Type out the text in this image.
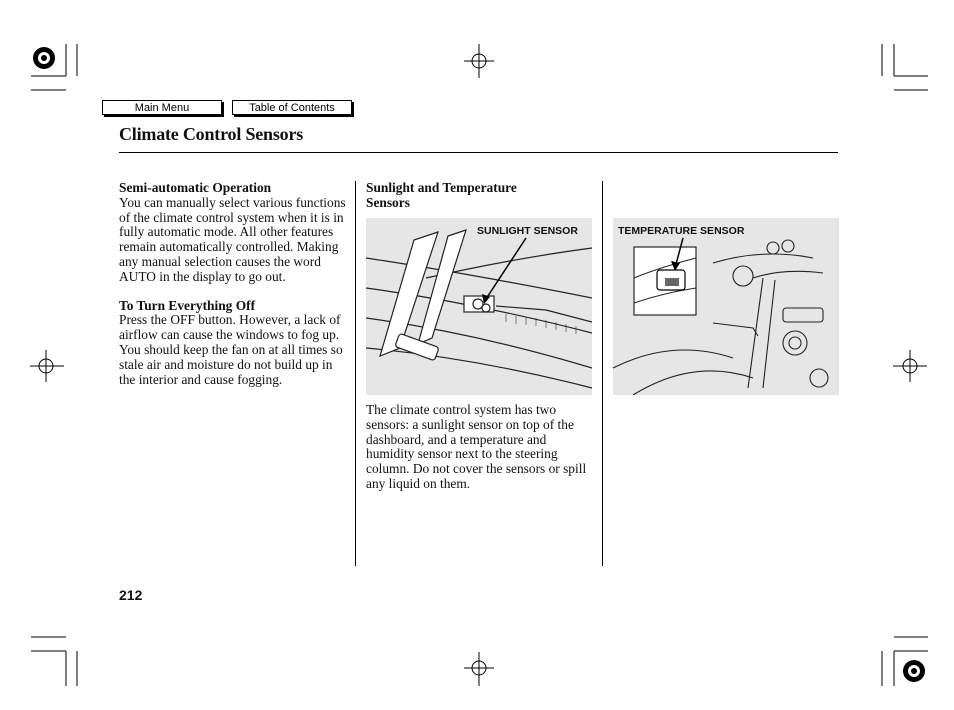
Main Menu	Table of Contents
Climate Control Sensors

Semi-automatic Operation

You can manually select various functions of the climate control system when it is in fully automatic mode. All other features remain automatically controlled. Making any manual selection causes the word AUTO in the display to go out.

To Turn Everything Off

Press the OFF button. However, a lack of airflow can cause the windows to fog up. You should keep the fan on at all times so stale air and moisture do not build up in the interior and cause fogging.

Sunlight and Temperature Sensors

SUNLIGHT SENSOR

The climate control system has two sensors: a sunlight sensor on top of the dashboard, and a temperature and humidity sensor next to the steering column. Do not cover the sensors or spill any liquid on them.

TEMPERATURE SENSOR
212
